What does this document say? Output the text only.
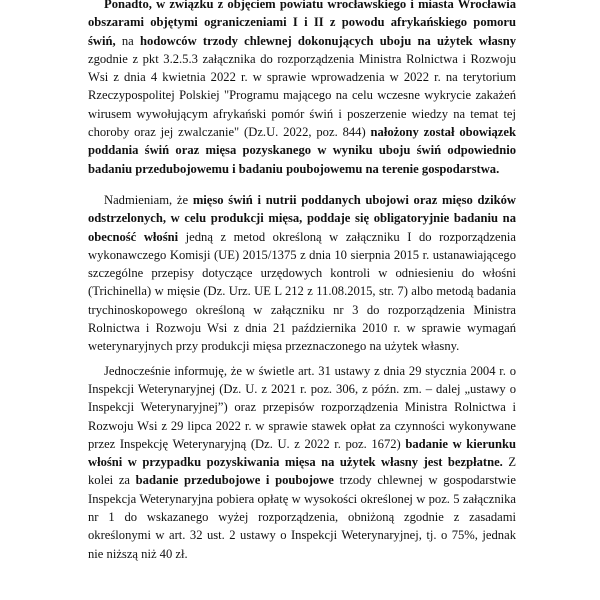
Ponadto, w związku z objęciem powiatu wrocławskiego i miasta Wrocławia obszarami objętymi ograniczeniami I i II z powodu afrykańskiego pomoru świń, na hodowców trzody chlewnej dokonujących uboju na użytek własny zgodnie z pkt 3.2.5.3 załącznika do rozporządzenia Ministra Rolnictwa i Rozwoju Wsi z dnia 4 kwietnia 2022 r. w sprawie wprowadzenia w 2022 r. na terytorium Rzeczypospolitej Polskiej "Programu mającego na celu wczesne wykrycie zakażeń wirusem wywołującym afrykański pomór świń i poszerzenie wiedzy na temat tej choroby oraz jej zwalczanie" (Dz.U. 2022, poz. 844) nałożony został obowiązek poddania świń oraz mięsa pozyskanego w wyniku uboju świń odpowiednio badaniu przedubojowemu i badaniu poubojowemu na terenie gospodarstwa.

Nadmieniam, że mięso świń i nutrii poddanych ubojowi oraz mięso dzików odstrzelonych, w celu produkcji mięsa, poddaje się obligatoryjnie badaniu na obecność włośni jedną z metod określoną w załączniku I do rozporządzenia wykonawczego Komisji (UE) 2015/1375 z dnia 10 sierpnia 2015 r. ustanawiającego szczególne przepisy dotyczące urzędowych kontroli w odniesieniu do włośni (Trichinella) w mięsie (Dz. Urz. UE L 212 z 11.08.2015, str. 7) albo metodą badania trychinoskopowego określoną w załączniku nr 3 do rozporządzenia Ministra Rolnictwa i Rozwoju Wsi z dnia 21 października 2010 r. w sprawie wymagań weterynaryjnych przy produkcji mięsa przeznaczonego na użytek własny.

Jednocześnie informuję, że w świetle art. 31 ustawy z dnia 29 stycznia 2004 r. o Inspekcji Weterynaryjnej (Dz. U. z 2021 r. poz. 306, z późn. zm. – dalej „ustawy o Inspekcji Weterynaryjnej”) oraz przepisów rozporządzenia Ministra Rolnictwa i Rozwoju Wsi z 29 lipca 2022 r. w sprawie stawek opłat za czynności wykonywane przez Inspekcję Weterynaryjną (Dz. U. z 2022 r. poz. 1672) badanie w kierunku włośni w przypadku pozyskiwania mięsa na użytek własny jest bezpłatne. Z kolei za badanie przedubojowe i poubojowe trzody chlewnej w gospodarstwie Inspekcja Weterynaryjna pobiera opłatę w wysokości określonej w poz. 5 załącznika nr 1 do wskazanego wyżej rozporządzenia, obniżoną zgodnie z zasadami określonymi w art. 32 ust. 2 ustawy o Inspekcji Weterynaryjnej, tj. o 75%, jednak nie niższą niż 40 zł.
